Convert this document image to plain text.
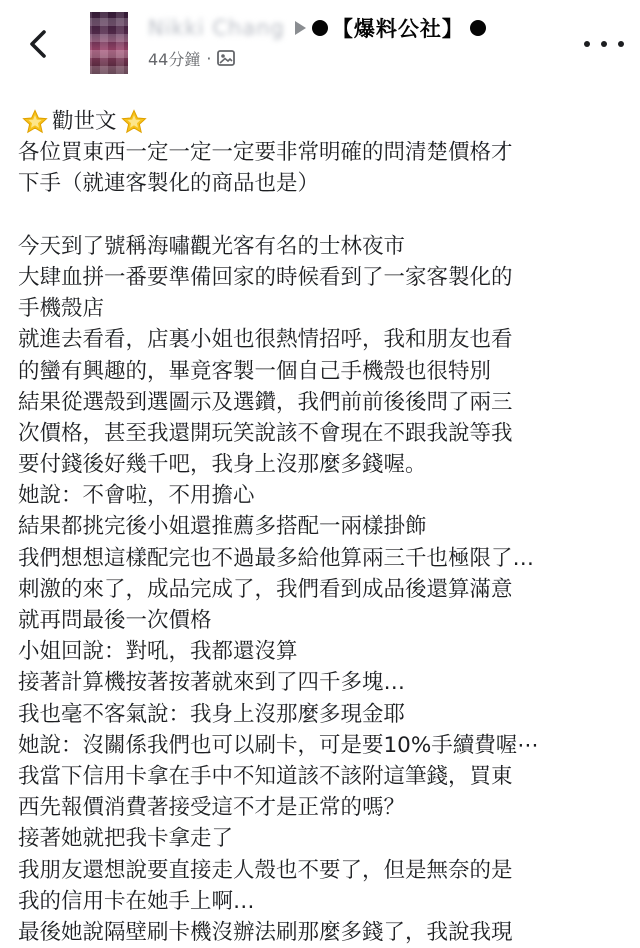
Nikki Chang 【爆料公社】
44分鐘 ·
勸世文
各位買東西一定一定一定要非常明確的問清楚價格才
下手（就連客製化的商品也是）
今天到了號稱海嘯觀光客有名的士林夜市
大肆血拼一番要準備回家的時候看到了一家客製化的
手機殼店
就進去看看，店裏小姐也很熱情招呼，我和朋友也看
的蠻有興趣的，畢竟客製一個自己手機殼也很特別
結果從選殼到選圖示及選鑽，我們前前後後問了兩三
次價格，甚至我還開玩笑說該不會現在不跟我說等我
要付錢後好幾千吧，我身上沒那麼多錢喔。
她說：不會啦，不用擔心
結果都挑完後小姐還推薦多搭配一兩樣掛飾
我們想想這樣配完也不過最多給他算兩三千也極限了…
刺激的來了，成品完成了，我們看到成品後還算滿意
就再問最後一次價格
小姐回說：對吼，我都還沒算
接著計算機按著按著就來到了四千多塊…
我也毫不客氣說：我身上沒那麼多現金耶
她說：沒關係我們也可以刷卡，可是要10%手續費喔⋯
我當下信用卡拿在手中不知道該不該附這筆錢，買東
西先報價消費著接受這不才是正常的嗎？
接著她就把我卡拿走了
我朋友還想說要直接走人殼也不要了，但是無奈的是
我的信用卡在她手上啊…
最後她說隔壁刷卡機沒辦法刷那麼多錢了，我說我現
